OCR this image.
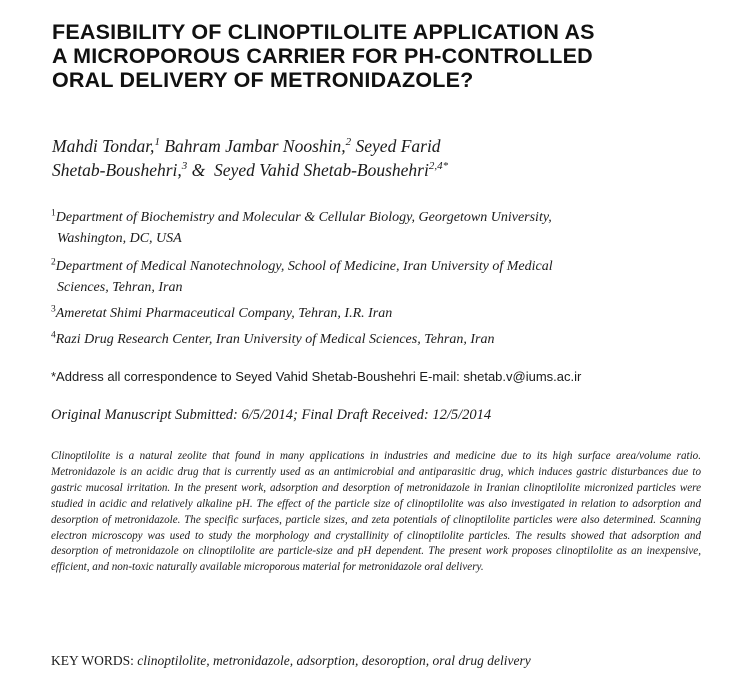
FEASIBILITY OF CLINOPTILOLITE APPLICATION AS
A MICROPOROUS CARRIER FOR PH-CONTROLLED
ORAL DELIVERY OF METRONIDAZOLE?
Mahdi Tondar,$^1$ Bahram Jambar Nooshin,$^2$ Seyed Farid
Shetab-Boushehri,$^3$ &  Seyed Vahid Shetab-Boushehri$^{2,4*}$
$^1$Department of Biochemistry and Molecular & Cellular Biology, Georgetown University,
Washington, DC, USA
$^2$Department of Medical Nanotechnology, School of Medicine, Iran University of Medical
Sciences, Tehran, Iran
$^3$Ameretat Shimi Pharmaceutical Company, Tehran, I.R. Iran
$^4$Razi Drug Research Center, Iran University of Medical Sciences, Tehran, Iran
*Address all correspondence to Seyed Vahid Shetab-Boushehri E-mail: shetab.v@iums.ac.ir
Original Manuscript Submitted: 6/5/2014; Final Draft Received: 12/5/2014
Clinoptilolite is a natural zeolite that found in many applications in industries and medicine due to its high surface area/volume ratio. Metronidazole is an acidic drug that is currently used as an antimicrobial and antiparasitic drug, which induces gastric disturbances due to gastric mucosal irritation. In the present work, adsorption and desorption of metronidazole in Iranian clinoptilolite micronized particles were studied in acidic and relatively alkaline pH. The effect of the particle size of clinoptilolite was also investigated in relation to adsorption and desorption of metronidazole. The specific surfaces, particle sizes, and zeta potentials of clinoptilolite particles were also determined. Scanning electron microscopy was used to study the morphology and crystallinity of clinoptilolite particles. The results showed that adsorption and desorption of metronidazole on clinoptilolite are particle-size and pH dependent. The present work proposes clinoptilolite as an inexpensive, efficient, and non-toxic naturally available microporous material for metronidazole oral delivery.
KEY WORDS: clinoptilolite, metronidazole, adsorption, desoroption, oral drug delivery
